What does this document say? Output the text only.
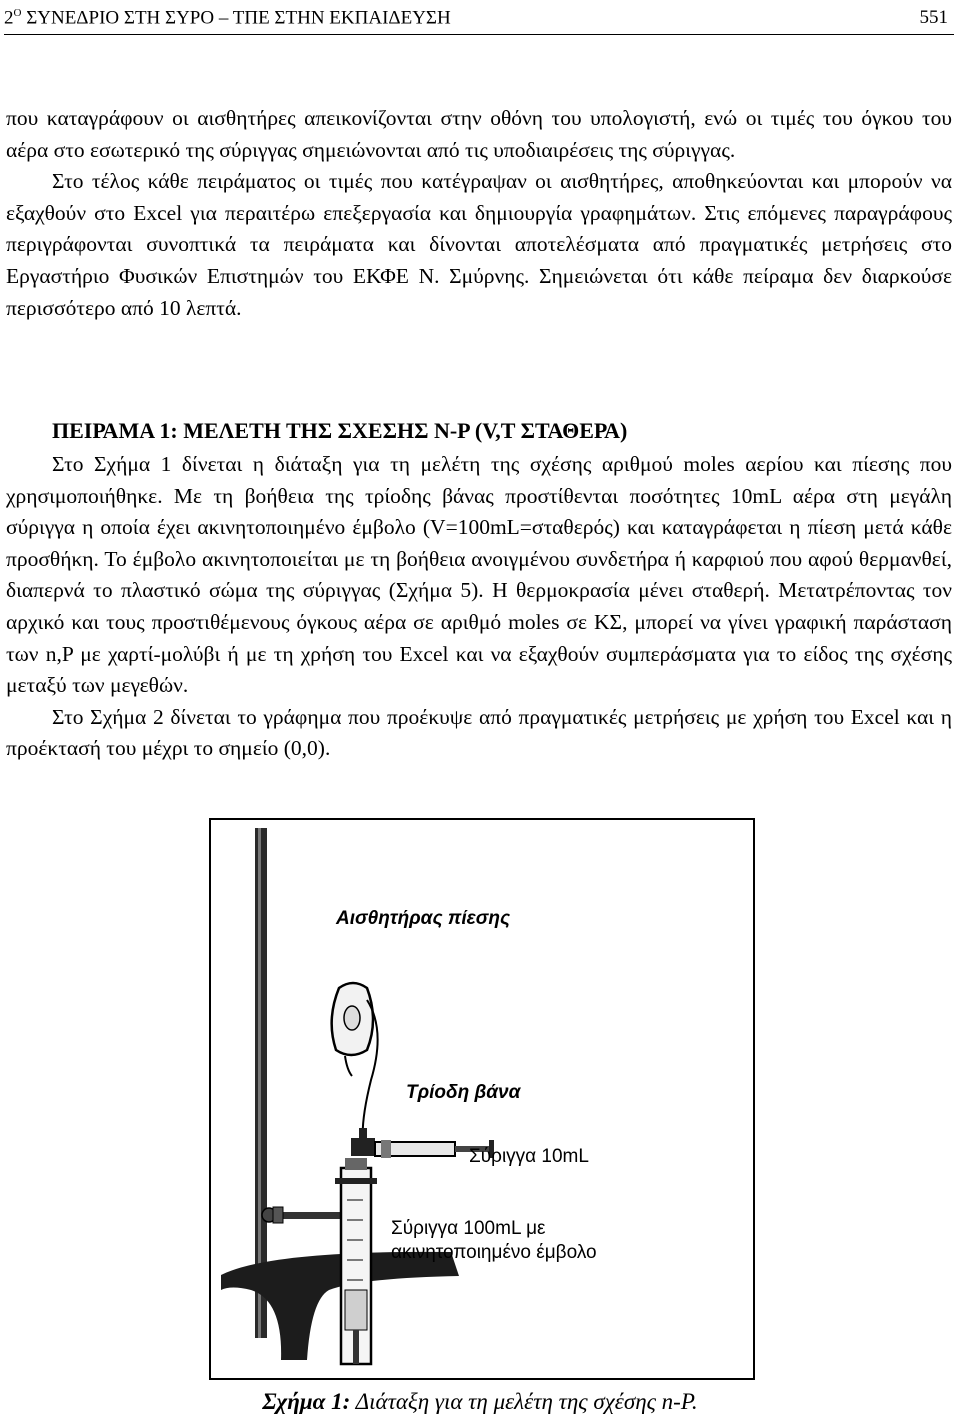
$2^O$ ΣΥΝΕΔΡΙΟ ΣΤΗ ΣΥΡΟ – ΤΠΕ ΣΤΗΝ ΕΚΠΑΙΔΕΥΣΗ	551
που καταγράφουν οι αισθητήρες απεικονίζονται στην οθόνη του υπολογιστή, ενώ οι τιμές του όγκου του αέρα στο εσωτερικό της σύριγγας σημειώνονται από τις υποδιαιρέσεις της σύριγγας.
Στο τέλος κάθε πειράματος οι τιμές που κατέγραψαν οι αισθητήρες, αποθηκεύονται και μπορούν να εξαχθούν στο Excel για περαιτέρω επεξεργασία και δημιουργία γραφημάτων. Στις επόμενες παραγράφους περιγράφονται συνοπτικά τα πειράματα και δίνονται αποτελέσματα από πραγματικές μετρήσεις στο Εργαστήριο Φυσικών Επιστημών του ΕΚΦΕ Ν. Σμύρνης. Σημειώνεται ότι κάθε πείραμα δεν διαρκούσε περισσότερο από 10 λεπτά.
ΠΕΙΡΑΜΑ 1: ΜΕΛΕΤΗ ΤΗΣ ΣΧΕΣΗΣ Ν-Ρ (V,T ΣΤΑΘΕΡΑ)
Στο Σχήμα 1 δίνεται η διάταξη για τη μελέτη της σχέσης αριθμού moles αερίου και πίεσης που χρησιμοποιήθηκε. Με τη βοήθεια της τρίοδης βάνας προστίθενται ποσότητες 10mL αέρα στη μεγάλη σύριγγα η οποία έχει ακινητοποιημένο έμβολο (V=100mL=σταθερός) και καταγράφεται η πίεση μετά κάθε προσθήκη. Το έμβολο ακινητοποιείται με τη βοήθεια ανοιγμένου συνδετήρα ή καρφιού που αφού θερμανθεί, διαπερνά το πλαστικό σώμα της σύριγγας (Σχήμα 5). Η θερμοκρασία μένει σταθερή. Μετατρέποντας τον αρχικό και τους προστιθέμενους όγκους αέρα σε αριθμό moles σε ΚΣ, μπορεί να γίνει γραφική παράσταση των n,P με χαρτί-μολύβι ή με τη χρήση του Excel και να εξαχθούν συμπεράσματα για το είδος της σχέσης μεταξύ των μεγεθών.
Στο Σχήμα 2 δίνεται το γράφημα που προέκυψε από πραγματικές μετρήσεις με χρήση του Excel και η προέκτασή του μέχρι το σημείο (0,0).
Αισθητήρας πίεσης
Τρίοδη βάνα
Σύριγγα 10mL
Σύριγγα 100mL με
ακινητοποιημένο έμβολο
Σχήμα 1: Διάταξη για τη μελέτη της σχέσης n-P.
